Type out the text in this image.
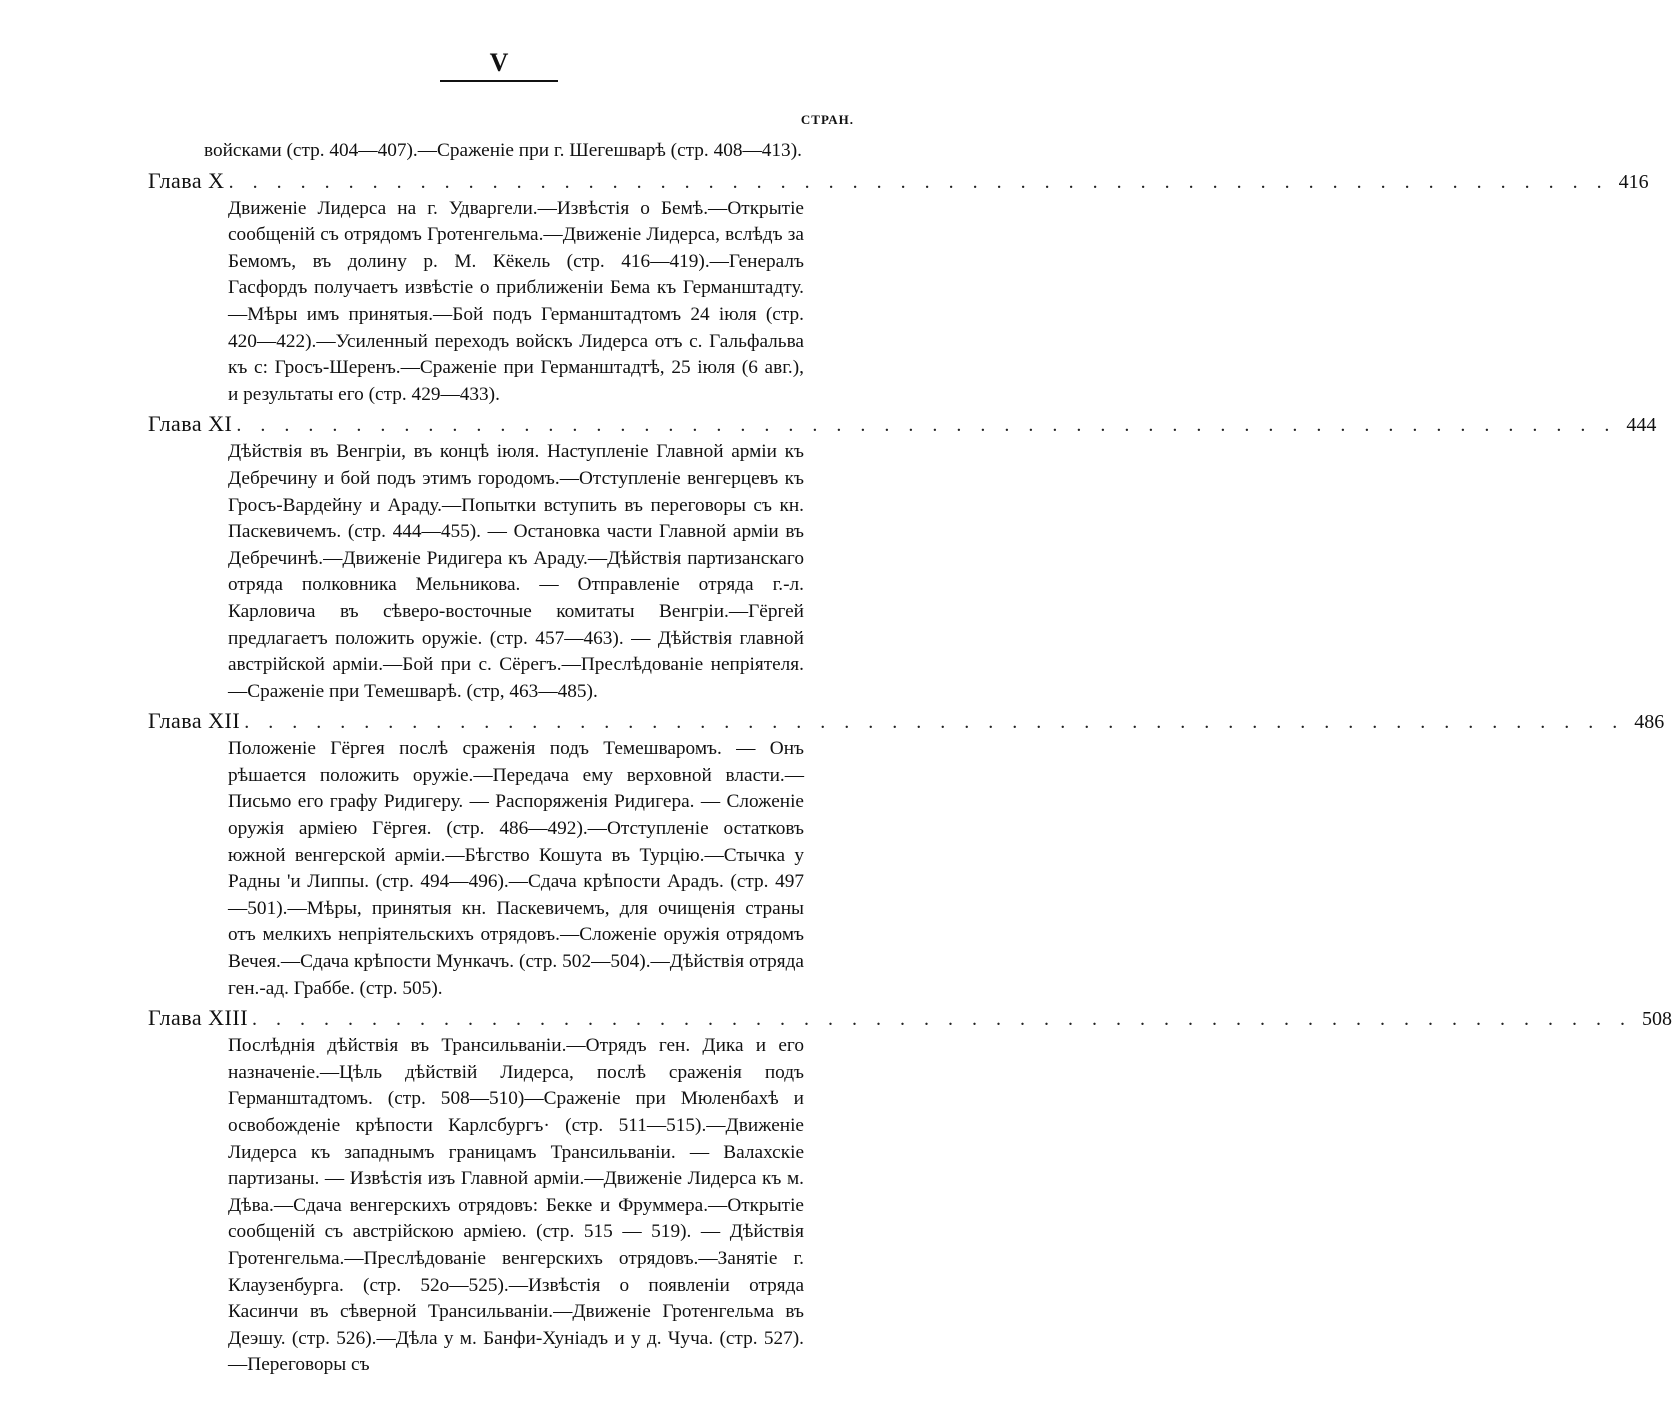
V
СТРАН.

войсками (стр. 404—407).—Сраженіе при г. Шегешварѣ (стр. 408—413).

Глава X . . . . . . . . . . . . . . . . . . . . . . . . . . . . . . . . . . . . . . . . . . . . . . . . . . . . . . . . . . 416

Движеніе Лидерса на г. Удваргели.—Извѣстія о Бемѣ.—Открытіе сообщеній съ отрядомъ Гротенгельма.—Движеніе Лидерса, вслѣдъ за Бемомъ, въ долину р. М. Кёкель (стр. 416—419).—Генералъ Гасфордъ получаетъ извѣстіе о приближеніи Бема къ Германштадту.—Мѣры имъ принятыя.—Бой подъ Германштадтомъ 24 іюля (стр. 420—422).—Усиленный переходъ войскъ Лидерса отъ с. Гальфальва къ с: Гросъ-Шеренъ.—Сраженіе при Германштадтѣ, 25 іюля (6 авг.), и результаты его (стр. 429—433).

Глава XI . . . . . . . . . . . . . . . . . . . . . . . . . . . . . . . . . . . . . . . . . . . . . . . . . . . . . . . . . . 444

Дѣйствія въ Венгріи, въ концѣ іюля. Наступленіе Главной арміи къ Дебречину и бой подъ этимъ городомъ.—Отступленіе венгерцевъ къ Гросъ-Вардейну и Араду.—Попытки вступить въ переговоры съ кн. Паскевичемъ. (стр. 444—455). — Остановка части Главной арміи въ Дебречинѣ.—Движеніе Ридигера къ Араду.—Дѣйствія партизанскаго отряда полковника Мельникова. — Отправленіе отряда г.-л. Карловича въ сѣверо-восточные комитаты Венгріи.—Гёргей предлагаетъ положить оружіе. (стр. 457—463). — Дѣйствія главной австрійской арміи.—Бой при с. Сёрегъ.—Преслѣдованіе непріятеля.—Сраженіе при Темешварѣ. (стр, 463—485).

Глава XII . . . . . . . . . . . . . . . . . . . . . . . . . . . . . . . . . . . . . . . . . . . . . . . . . . . . . . . . . . 486

Положеніе Гёргея послѣ сраженія подъ Темешваромъ. — Онъ рѣшается положить оружіе.—Передача ему верховной власти.—Письмо его графу Ридигеру. — Распоряженія Ридигера. — Сложеніе оружія арміею Гёргея. (стр. 486—492).—Отступленіе остатковъ южной венгерской арміи.—Бѣгство Кошута въ Турцію.—Стычка у Радны 'и Липпы. (стр. 494—496).—Сдача крѣпости Арадъ. (стр. 497—501).—Мѣры, принятыя кн. Паскевичемъ, для очищенія страны отъ мелкихъ непріятельскихъ отрядовъ.—Сложеніе оружія отрядомъ Вечея.—Сдача крѣпости Мункачъ. (стр. 502—504).—Дѣйствія отряда ген.-ад. Граббе. (стр. 505).

Глава XIII . . . . . . . . . . . . . . . . . . . . . . . . . . . . . . . . . . . . . . . . . . . . . . . . . . . . . . . . . . 508

Послѣднія дѣйствія въ Трансильваніи.—Отрядъ ген. Дика и его назначеніе.—Цѣль дѣйствій Лидерса, послѣ сраженія подъ Германштадтомъ. (стр. 508—510)—Сраженіе при Мюленбахѣ и освобожденіе крѣпости Карлсбургъ· (стр. 511—515).—Движеніе Лидерса къ западнымъ границамъ Трансильваніи. — Валахскіе партизаны. — Извѣстія изъ Главной арміи.—Движеніе Лидерса къ м. Дѣва.—Сдача венгерскихъ отрядовъ: Бекке и Фруммера.—Открытіе сообщеній съ австрійскою арміею. (стр. 515 — 519). — Дѣйствія Гротенгельма.—Преслѣдованіе венгерскихъ отрядовъ.—Занятіе г. Клаузенбурга. (стр. 52о—525).—Извѣстія о появленіи отряда Касинчи въ сѣверной Трансильваніи.—Движеніе Гротенгельма въ Деэшу. (стр. 526).—Дѣла у м. Банфи-Хуніадъ и у д. Чуча. (стр. 527).—Переговоры съ
